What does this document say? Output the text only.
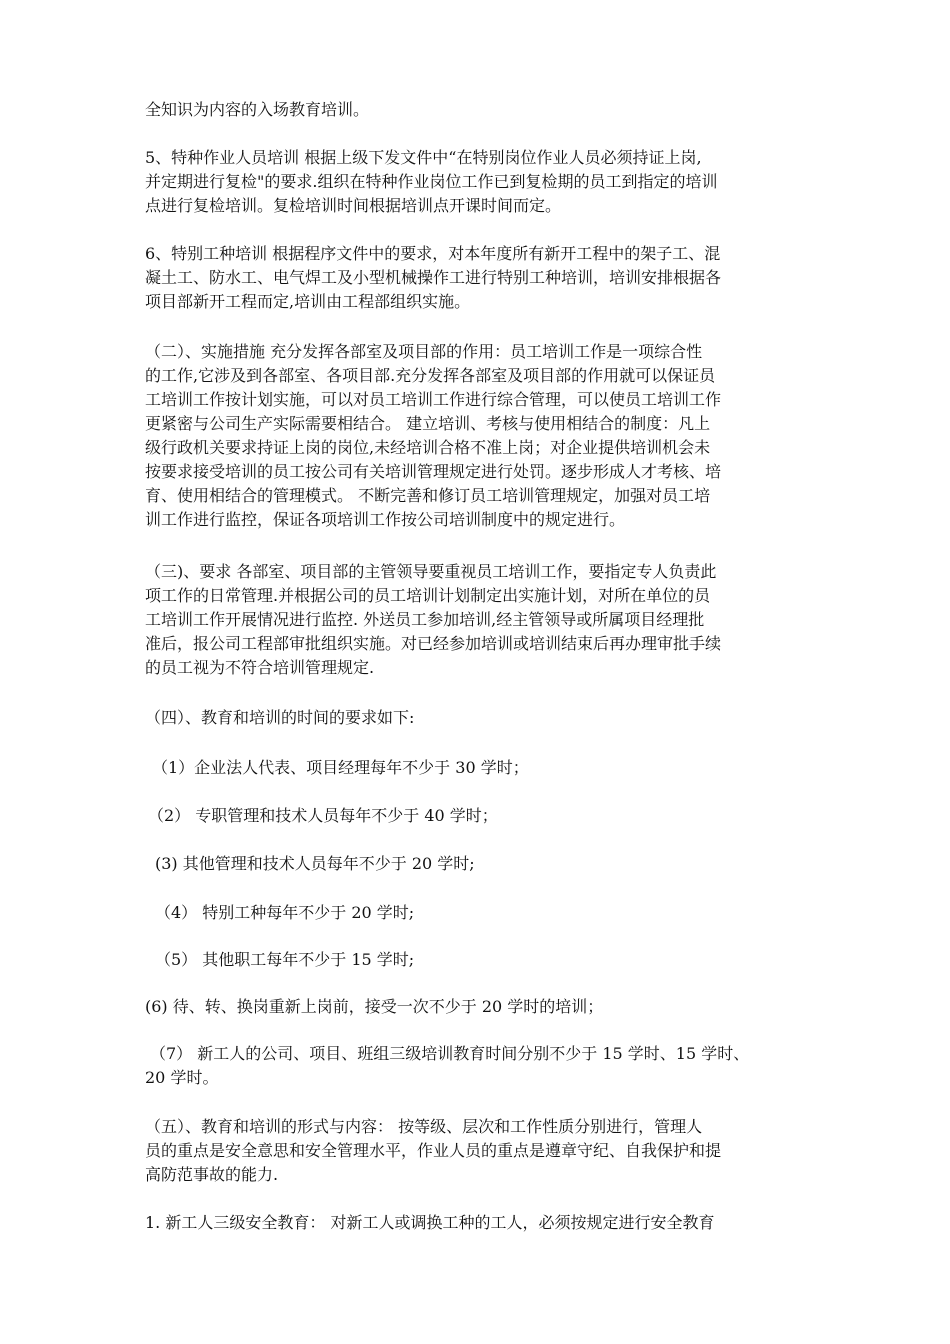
全知识为内容的入场教育培训。
5、特种作业人员培训 根据上级下发文件中“在特别岗位作业人员必须持证上岗,
并定期进行复检"的要求.组织在特种作业岗位工作已到复检期的员工到指定的培训
点进行复检培训。复检培训时间根据培训点开课时间而定。
6、特别工种培训 根据程序文件中的要求，对本年度所有新开工程中的架子工、混
凝土工、防水工、电气焊工及小型机械操作工进行特别工种培训，培训安排根据各
项目部新开工程而定,培训由工程部组织实施。
（二）、实施措施 充分发挥各部室及项目部的作用：员工培训工作是一项综合性
的工作,它涉及到各部室、各项目部.充分发挥各部室及项目部的作用就可以保证员
工培训工作按计划实施，可以对员工培训工作进行综合管理，可以使员工培训工作
更紧密与公司生产实际需要相结合。 建立培训、考核与使用相结合的制度：凡上
级行政机关要求持证上岗的岗位,未经培训合格不准上岗；对企业提供培训机会未
按要求接受培训的员工按公司有关培训管理规定进行处罚。逐步形成人才考核、培
育、使用相结合的管理模式。 不断完善和修订员工培训管理规定，加强对员工培
训工作进行监控，保证各项培训工作按公司培训制度中的规定进行。
（三)、要求 各部室、项目部的主管领导要重视员工培训工作，要指定专人负责此
项工作的日常管理.并根据公司的员工培训计划制定出实施计划，对所在单位的员
工培训工作开展情况进行监控. 外送员工参加培训,经主管领导或所属项目经理批
准后，报公司工程部审批组织实施。对已经参加培训或培训结束后再办理审批手续
的员工视为不符合培训管理规定.
（四）、教育和培训的时间的要求如下:
（1）企业法人代表、项目经理每年不少于 30 学时；
（2） 专职管理和技术人员每年不少于 40 学时；
(3) 其他管理和技术人员每年不少于 20 学时;
（4） 特别工种每年不少于 20 学时;
（5） 其他职工每年不少于 15 学时;
(6) 待、转、换岗重新上岗前，接受一次不少于 20 学时的培训；
（7） 新工人的公司、项目、班组三级培训教育时间分别不少于 15 学时、15 学时、
20 学时。
（五）、教育和培训的形式与内容： 按等级、层次和工作性质分别进行，管理人
员的重点是安全意思和安全管理水平，作业人员的重点是遵章守纪、自我保护和提
高防范事故的能力.
1. 新工人三级安全教育： 对新工人或调换工种的工人，必须按规定进行安全教育
